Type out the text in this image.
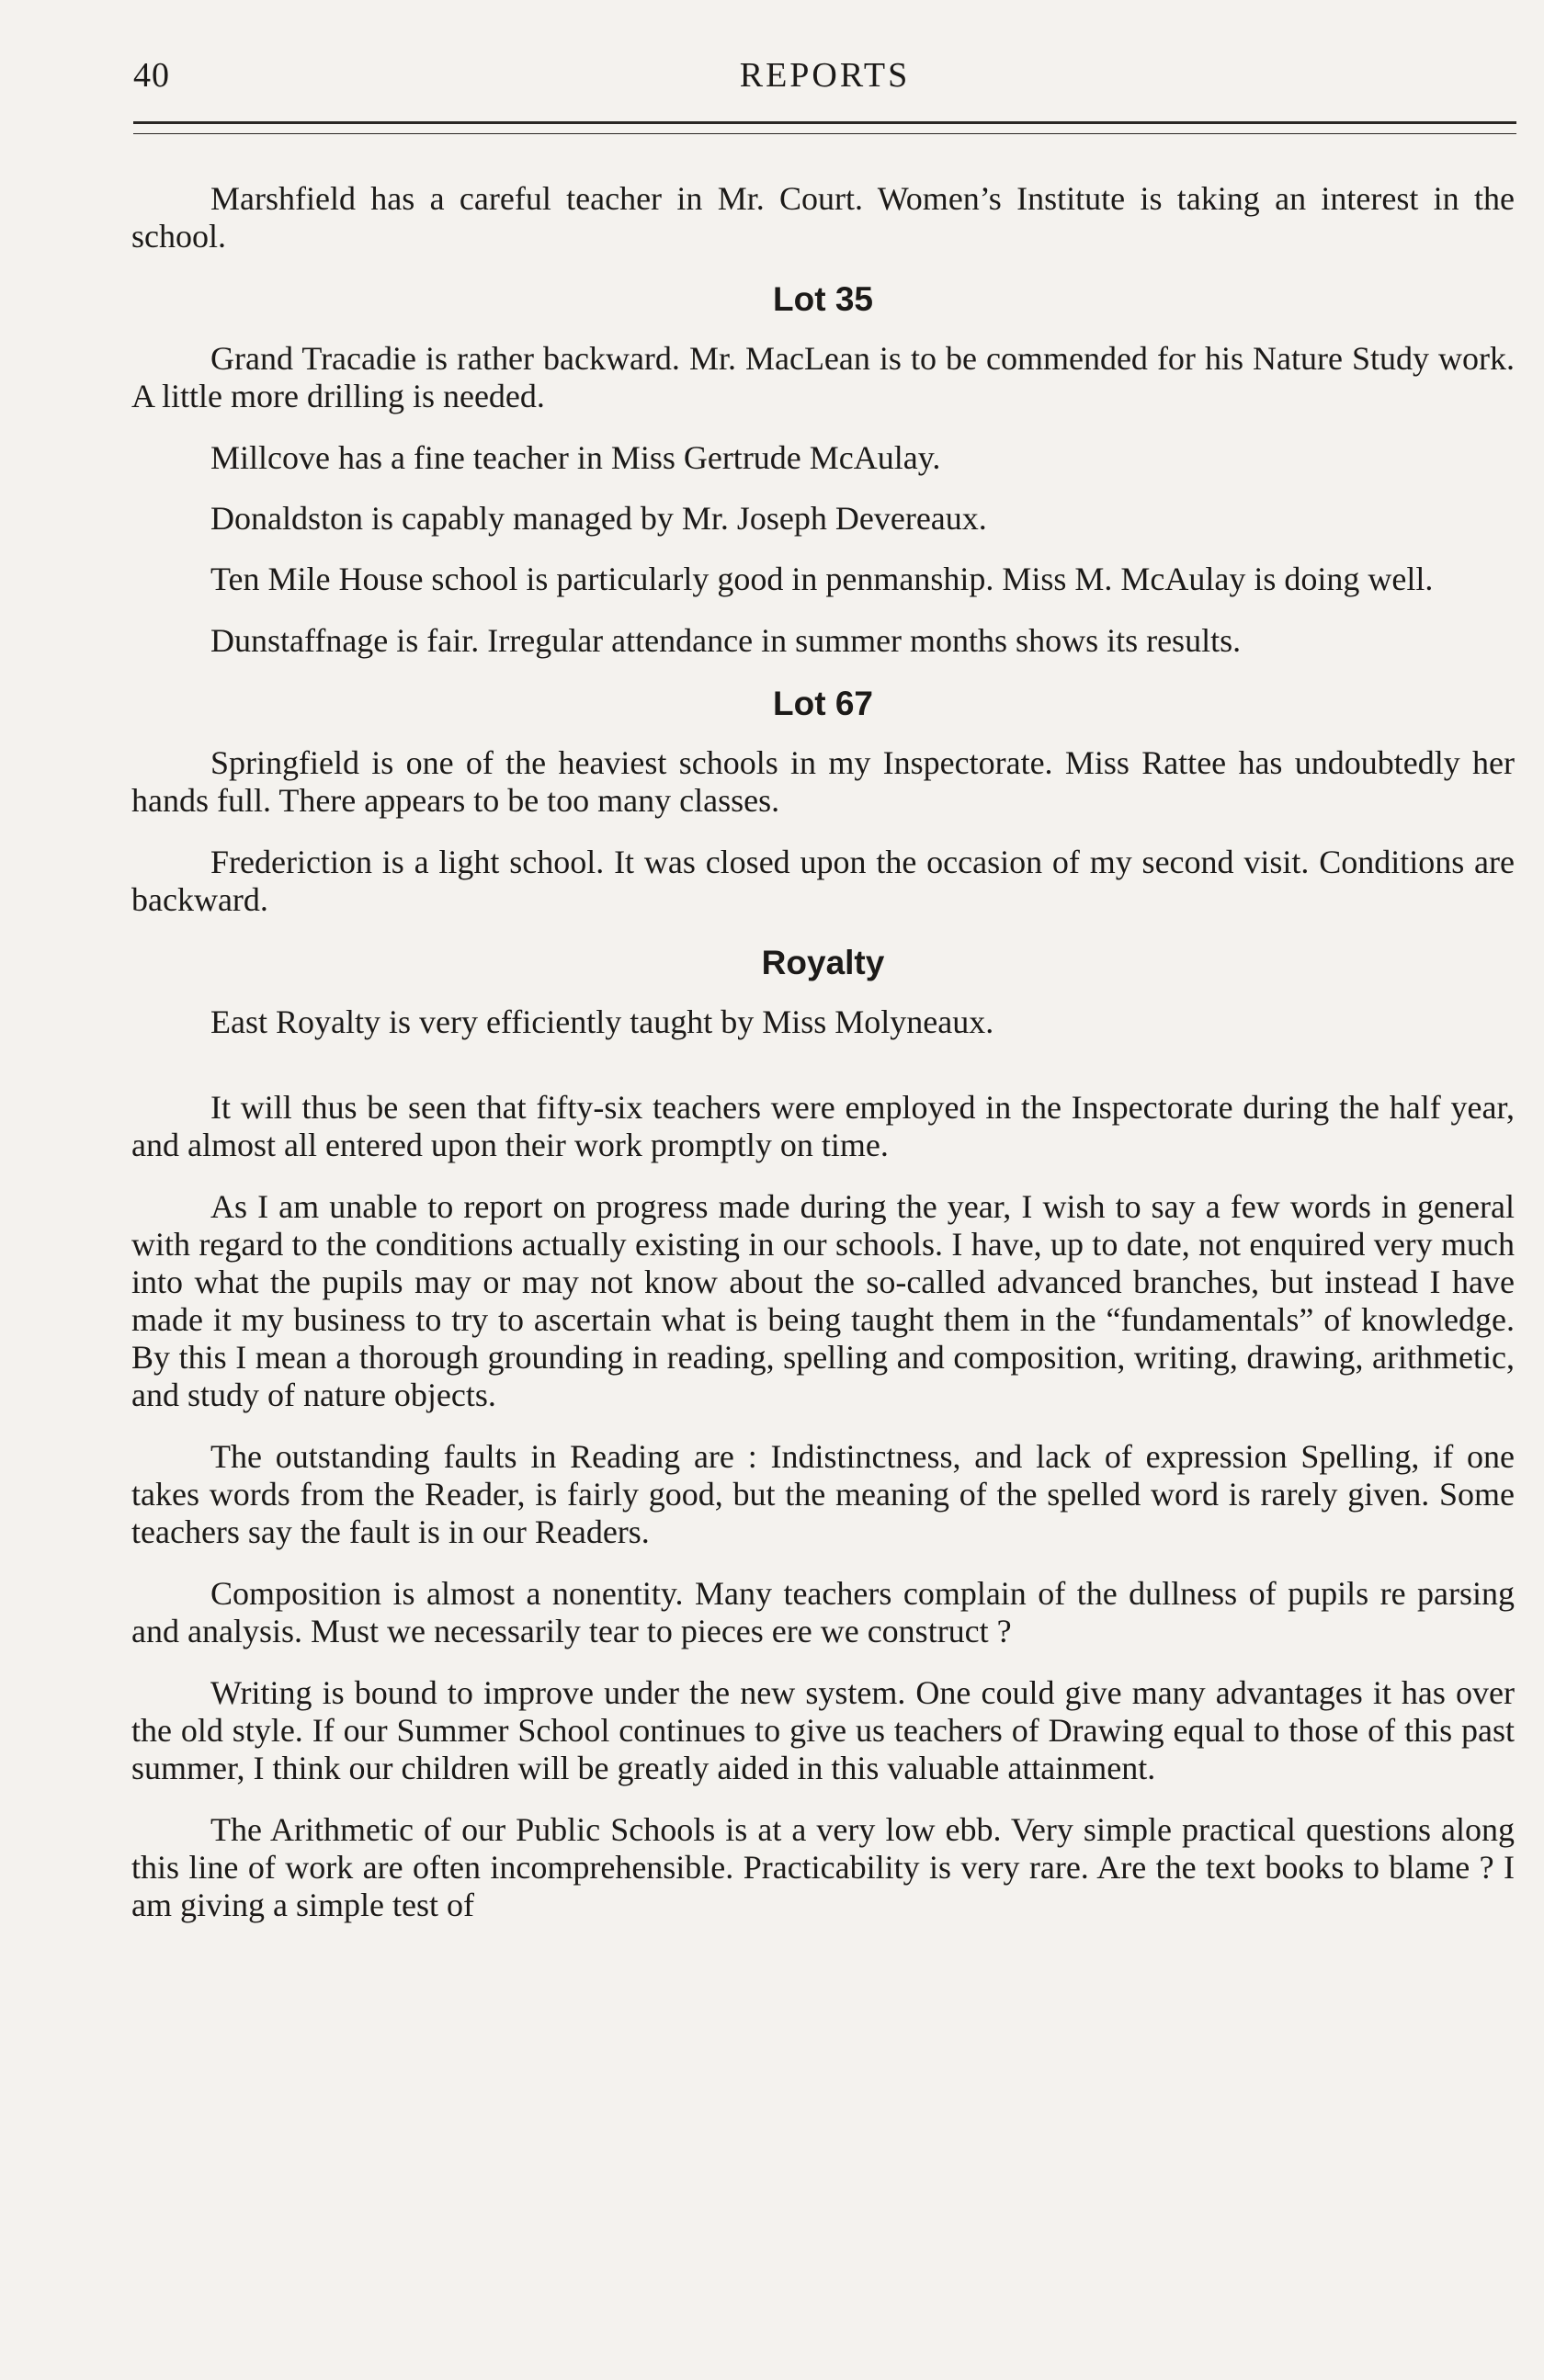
40	REPORTS

Marshfield has a careful teacher in Mr. Court. Women’s Institute is taking an interest in the school.

Lot 35

Grand Tracadie is rather backward. Mr. MacLean is to be commended for his Nature Study work. A little more drilling is needed.

Millcove has a fine teacher in Miss Gertrude McAulay.

Donaldston is capably managed by Mr. Joseph Devereaux.

Ten Mile House school is particularly good in penmanship. Miss M. McAulay is doing well.

Dunstaffnage is fair. Irregular attendance in summer months shows its results.

Lot 67

Springfield is one of the heaviest schools in my Inspectorate. Miss Rattee has undoubtedly her hands full. There appears to be too many classes.

Frederiction is a light school. It was closed upon the occasion of my second visit. Conditions are backward.

Royalty

East Royalty is very efficiently taught by Miss Molyneaux.

It will thus be seen that fifty-six teachers were employed in the Inspectorate during the half year, and almost all entered upon their work promptly on time.

As I am unable to report on progress made during the year, I wish to say a few words in general with regard to the conditions actually existing in our schools. I have, up to date, not enquired very much into what the pupils may or may not know about the so-called advanced branches, but instead I have made it my business to try to ascertain what is being taught them in the “fundamentals” of knowledge. By this I mean a thorough grounding in reading, spelling and composition, writing, drawing, arithmetic, and study of nature objects.

The outstanding faults in Reading are : Indistinctness, and lack of expression Spelling, if one takes words from the Reader, is fairly good, but the meaning of the spelled word is rarely given. Some teachers say the fault is in our Readers.

Composition is almost a nonentity. Many teachers complain of the dullness of pupils re parsing and analysis. Must we necessarily tear to pieces ere we construct ?

Writing is bound to improve under the new system. One could give many advantages it has over the old style. If our Summer School continues to give us teachers of Drawing equal to those of this past summer, I think our children will be greatly aided in this valuable attainment.

The Arithmetic of our Public Schools is at a very low ebb. Very simple practical questions along this line of work are often incomprehensible. Practicability is very rare. Are the text books to blame ? I am giving a simple test of
